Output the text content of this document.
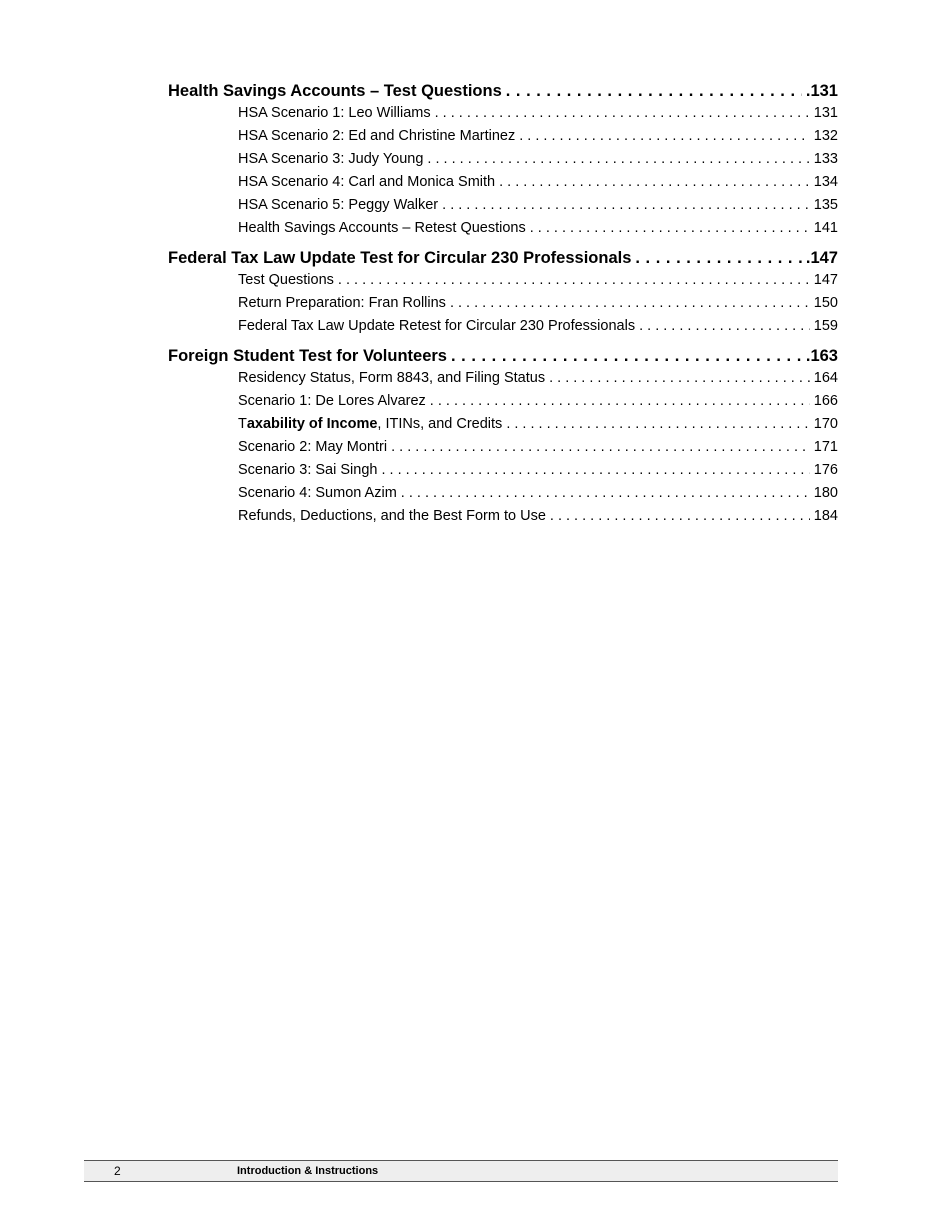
Health Savings Accounts – Test Questions . . .	.131
HSA Scenario 1: Leo Williams . . .	131
HSA Scenario 2: Ed and Christine Martinez . . .	132
HSA Scenario 3: Judy Young . . .	133
HSA Scenario 4: Carl and Monica Smith . . .	134
HSA Scenario 5: Peggy Walker . . .	135
Health Savings Accounts – Retest Questions . . .	141
Federal Tax Law Update Test for Circular 230 Professionals . . .	.147
Test Questions . . .	147
Return Preparation: Fran Rollins . . .	150
Federal Tax Law Update Retest for Circular 230 Professionals . . .	159
Foreign Student Test for Volunteers . . .	.163
Residency Status, Form 8843, and Filing Status . . .	164
Scenario 1: De Lores Alvarez . . .	166
Taxability of Income, ITINs, and Credits . . .	170
Scenario 2: May Montri . . .	171
Scenario 3: Sai Singh . . .	176
Scenario 4: Sumon Azim . . .	180
Refunds, Deductions, and the Best Form to Use . . .	184
2	Introduction & Instructions
